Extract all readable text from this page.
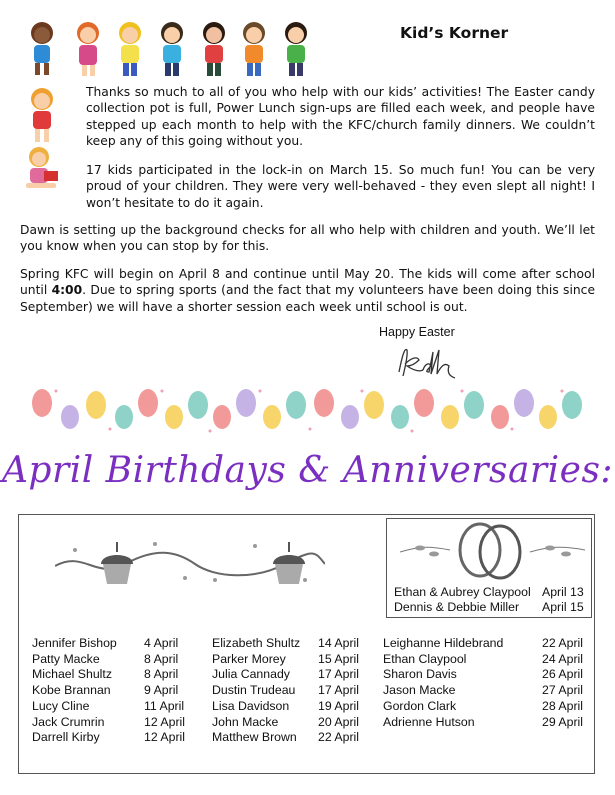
Kid’s Korner
Thanks so much to all of you who help with our kids’ activities! The Easter candy collection pot is full, Power Lunch sign-ups are filled each week, and people have stepped up each month to help with the KFC/church family dinners. We couldn’t keep any of this going without you.
17 kids participated in the lock-in on March 15. So much fun! You can be very proud of your children. They were very well-behaved - they even slept all night! I won’t hesitate to do it again.
Dawn is setting up the background checks for all who help with children and youth. We’ll let you know when you can stop by for this.
Spring KFC will begin on April 8 and continue until May 20. The kids will come after school until 4:00. Due to spring sports (and the fact that my volunteers have been doing this since September) we will have a shorter session each week until school is out.
Happy Easter
Kelly
April Birthdays & Anniversaries:
Ethan & Aubrey Claypool April 13
Dennis & Debbie Miller April 15
Jennifer Bishop 4 April
Patty Macke	8 April
Michael Shultz	8 April
Kobe Brannan	9 April
Lucy Cline	11 April
Jack Crumrin	12 April
Darrell Kirby	12 April
Elizabeth Shultz 14 April
Parker Morey	15 April
Julia Cannady 17 April
Dustin Trudeau 17 April
Lisa Davidson 19 April
John Macke	20 April
Matthew Brown 22 April
Leighanne Hildebrand	22 April
Ethan Claypool	24 April
Sharon Davis	26 April
Jason Macke	27 April
Gordon Clark	28 April
Adrienne Hutson	29 April
